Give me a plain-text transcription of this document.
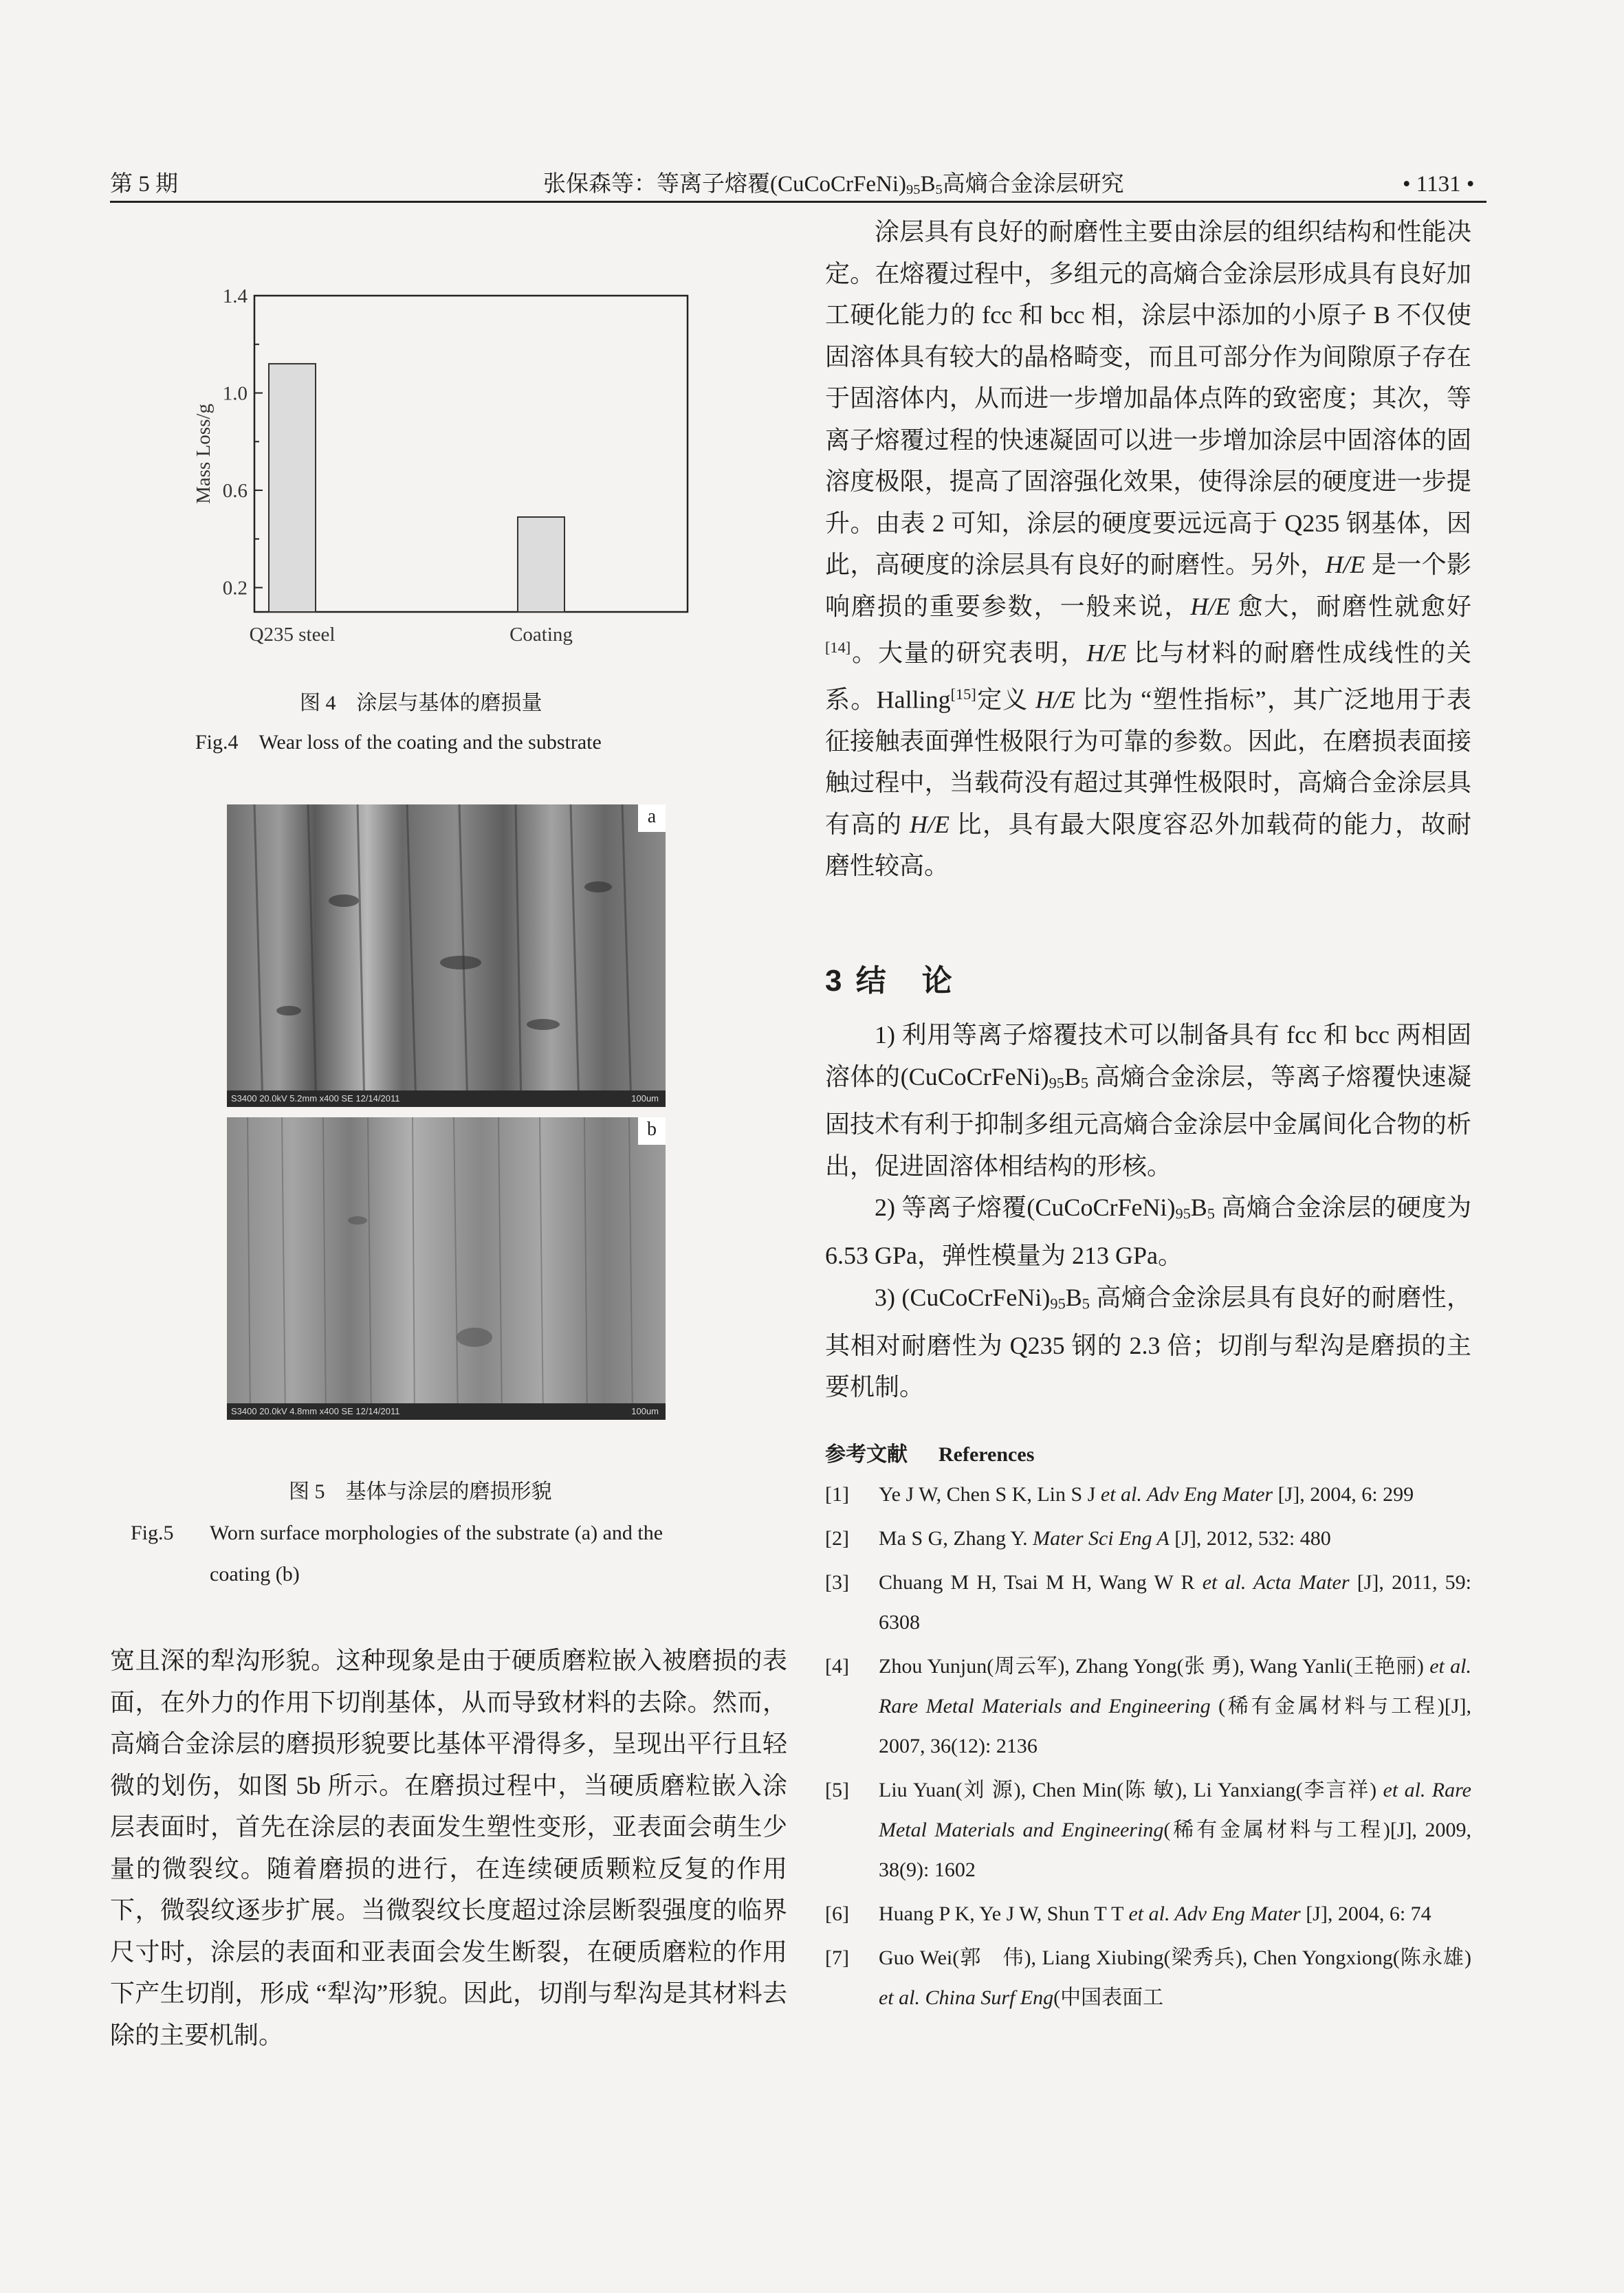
第 5 期	张保森等：等离子熔覆$(CuCoCrFeNi)_{95}B_5$高熵合金涂层研究	• 1131 •
1.4
1.0
0.6
0.2
Q235 steel	Coating
Mass Loss/g
图 4　涂层与基体的磨损量
Fig.4　Wear loss of the coating and the substrate
a
S3400 20.0kV 5.2mm x400 SE 12/14/2011	100um
b
S3400 20.0kV 4.8mm x400 SE 12/14/2011	100um
图 5　基体与涂层的磨损形貌
Fig.5 Worn surface morphologies of the substrate (a) and the
coating (b)

宽且深的犁沟形貌。这种现象是由于硬质磨粒嵌入被磨损的表面，在外力的作用下切削基体，从而导致材料的去除。然而，高熵合金涂层的磨损形貌要比基体平滑得多，呈现出平行且轻微的划伤，如图 5b 所示。在磨损过程中，当硬质磨粒嵌入涂层表面时，首先在涂层的表面发生塑性变形，亚表面会萌生少量的微裂纹。随着磨损的进行，在连续硬质颗粒反复的作用下，微裂纹逐步扩展。当微裂纹长度超过涂层断裂强度的临界尺寸时，涂层的表面和亚表面会发生断裂，在硬质磨粒的作用下产生切削，形成 “犁沟”形貌。因此，切削与犁沟是其材料去除的主要机制。

涂层具有良好的耐磨性主要由涂层的组织结构和性能决定。在熔覆过程中，多组元的高熵合金涂层形成具有良好加工硬化能力的 fcc 和 bcc 相，涂层中添加的小原子 B 不仅使固溶体具有较大的晶格畸变，而且可部分作为间隙原子存在于固溶体内，从而进一步增加晶体点阵的致密度；其次，等离子熔覆过程的快速凝固可以进一步增加涂层中固溶体的固溶度极限，提高了固溶强化效果，使得涂层的硬度进一步提升。由表 2 可知，涂层的硬度要远远高于 Q235 钢基体，因此，高硬度的涂层具有良好的耐磨性。另外，H/E 是一个影响磨损的重要参数，一般来说，H/E 愈大，耐磨性就愈好[14]。大量的研究表明，H/E 比与材料的耐磨性成线性的关系。Halling[15]定义 H/E 比为 “塑性指标”，其广泛地用于表征接触表面弹性极限行为可靠的参数。因此，在磨损表面接触过程中，当载荷没有超过其弹性极限时，高熵合金涂层具有高的 H/E 比，具有最大限度容忍外加载荷的能力，故耐磨性较高。

3 结　论

1) 利用等离子熔覆技术可以制备具有 fcc 和 bcc 两相固溶体的$(CuCoCrFeNi)_{95}B_5$ 高熵合金涂层，等离子熔覆快速凝固技术有利于抑制多组元高熵合金涂层中金属间化合物的析出，促进固溶体相结构的形核。

2) 等离子熔覆$(CuCoCrFeNi)_{95}B_5$ 高熵合金涂层的硬度为 6.53 GPa，弹性模量为 213 GPa。

3) $(CuCoCrFeNi)_{95}B_5$ 高熵合金涂层具有良好的耐磨性，其相对耐磨性为 Q235 钢的 2.3 倍；切削与犁沟是磨损的主要机制。

参考文献 References
[1] Ye J W, Chen S K, Lin S J et al. Adv Eng Mater [J], 2004, 6: 299
[2] Ma S G, Zhang Y. Mater Sci Eng A [J], 2012, 532: 480
[3] Chuang M H, Tsai M H, Wang W R et al. Acta Mater [J], 2011, 59: 6308
[4] Zhou Yunjun(周云军), Zhang Yong(张 勇), Wang Yanli(王艳丽) et al. Rare Metal Materials and Engineering (稀有金属材料与工程)[J], 2007, 36(12): 2136
[5] Liu Yuan(刘 源), Chen Min(陈 敏), Li Yanxiang(李言祥) et al. Rare Metal Materials and Engineering(稀有金属材料与工程)[J], 2009, 38(9): 1602
[6] Huang P K, Ye J W, Shun T T et al. Adv Eng Mater [J], 2004, 6: 74
[7] Guo Wei(郭　伟), Liang Xiubing(梁秀兵), Chen Yongxiong(陈永雄) et al. China Surf Eng(中国表面工
